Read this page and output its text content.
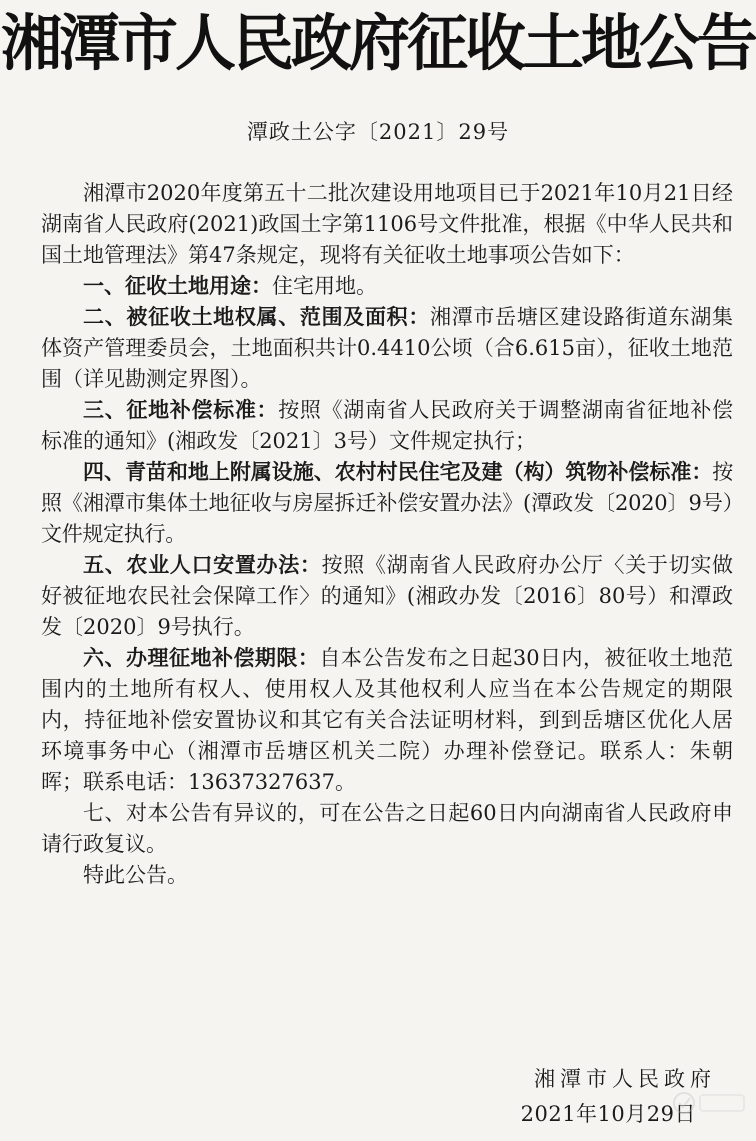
湘潭市人民政府征收土地公告
潭政土公字〔2021〕29号

湘潭市2020年度第五十二批次建设用地项目已于2021年10月21日经湖南省人民政府(2021)政国土字第1106号文件批准，根据《中华人民共和国土地管理法》第47条规定，现将有关征收土地事项公告如下：

一、征收土地用途：住宅用地。

二、被征收土地权属、范围及面积：湘潭市岳塘区建设路街道东湖集体资产管理委员会，土地面积共计0.4410公顷（合6.615亩），征收土地范围（详见勘测定界图）。

三、征地补偿标准：按照《湖南省人民政府关于调整湖南省征地补偿标准的通知》(湘政发〔2021〕3号）文件规定执行；

四、青苗和地上附属设施、农村村民住宅及建（构）筑物补偿标准：按照《湘潭市集体土地征收与房屋拆迁补偿安置办法》(潭政发〔2020〕9号）文件规定执行。

五、农业人口安置办法：按照《湖南省人民政府办公厅〈关于切实做好被征地农民社会保障工作〉的通知》(湘政办发〔2016〕80号）和潭政发〔2020〕9号执行。

六、办理征地补偿期限：自本公告发布之日起30日内，被征收土地范围内的土地所有权人、使用权人及其他权利人应当在本公告规定的期限内，持征地补偿安置协议和其它有关合法证明材料，到到岳塘区优化人居环境事务中心（湘潭市岳塘区机关二院）办理补偿登记。联系人：朱朝晖；联系电话：13637327637。

七、对本公告有异议的，可在公告之日起60日内向湖南省人民政府申请行政复议。

特此公告。

湘潭市人民政府
2021年10月29日
